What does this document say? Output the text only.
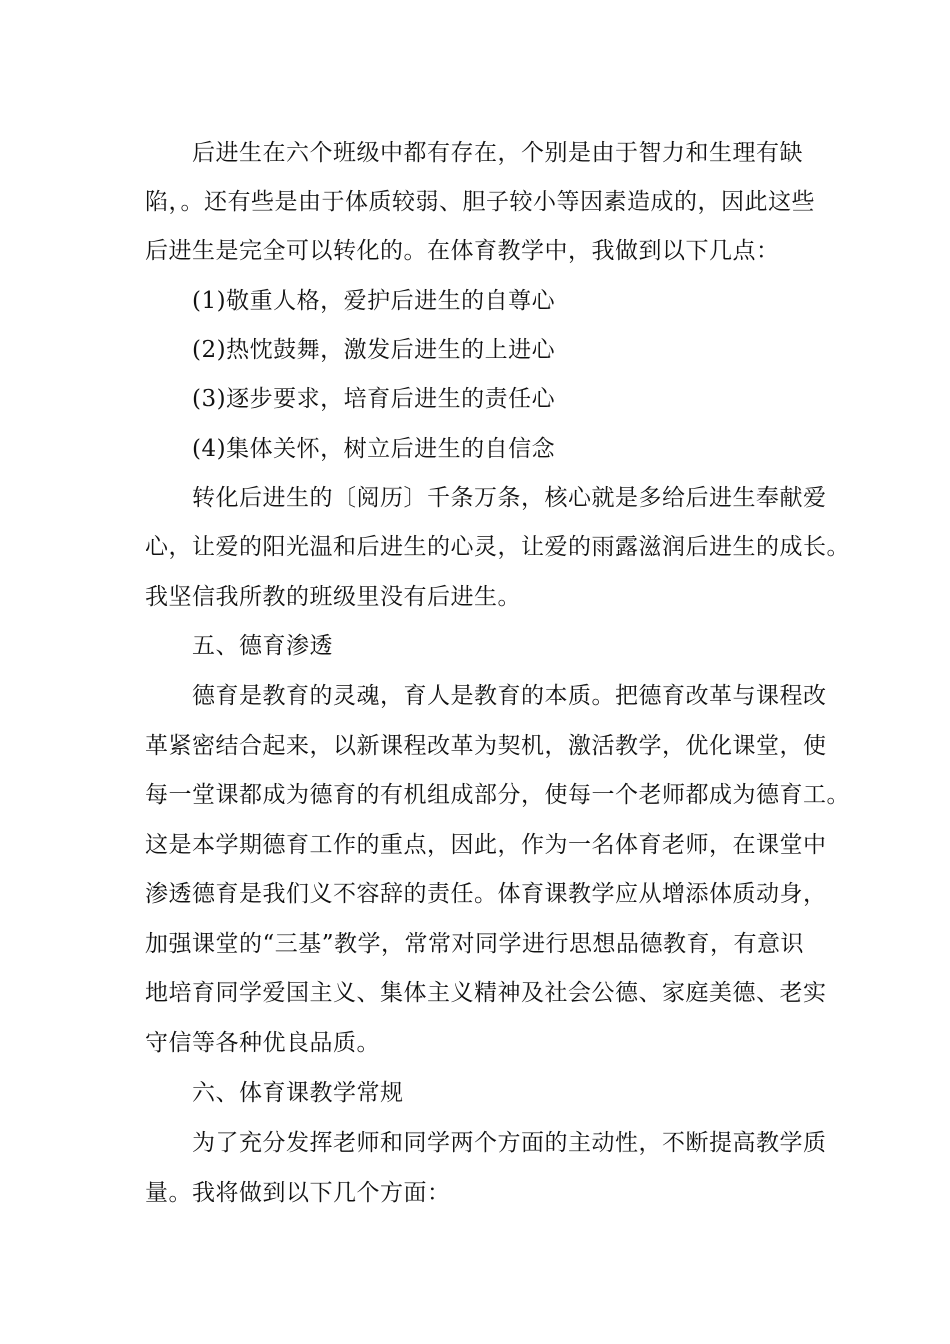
后进生在六个班级中都有存在，个别是由于智力和生理有缺
陷，。还有些是由于体质较弱、胆子较小等因素造成的，因此这些
后进生是完全可以转化的。在体育教学中，我做到以下几点：
(1)敬重人格，爱护后进生的自尊心
(2)热忱鼓舞，激发后进生的上进心
(3)逐步要求，培育后进生的责任心
(4)集体关怀，树立后进生的自信念
转化后进生的〔阅历〕千条万条，核心就是多给后进生奉献爱
心，让爱的阳光温和后进生的心灵，让爱的雨露滋润后进生的成长。
我坚信我所教的班级里没有后进生。
五、德育渗透
德育是教育的灵魂，育人是教育的本质。把德育改革与课程改
革紧密结合起来，以新课程改革为契机，激活教学，优化课堂，使
每一堂课都成为德育的有机组成部分，使每一个老师都成为德育工。
这是本学期德育工作的重点，因此，作为一名体育老师，在课堂中
渗透德育是我们义不容辞的责任。体育课教学应从增添体质动身，
加强课堂的“三基”教学，常常对同学进行思想品德教育，有意识
地培育同学爱国主义、集体主义精神及社会公德、家庭美德、老实
守信等各种优良品质。
六、体育课教学常规
为了充分发挥老师和同学两个方面的主动性，不断提高教学质
量。我将做到以下几个方面：
